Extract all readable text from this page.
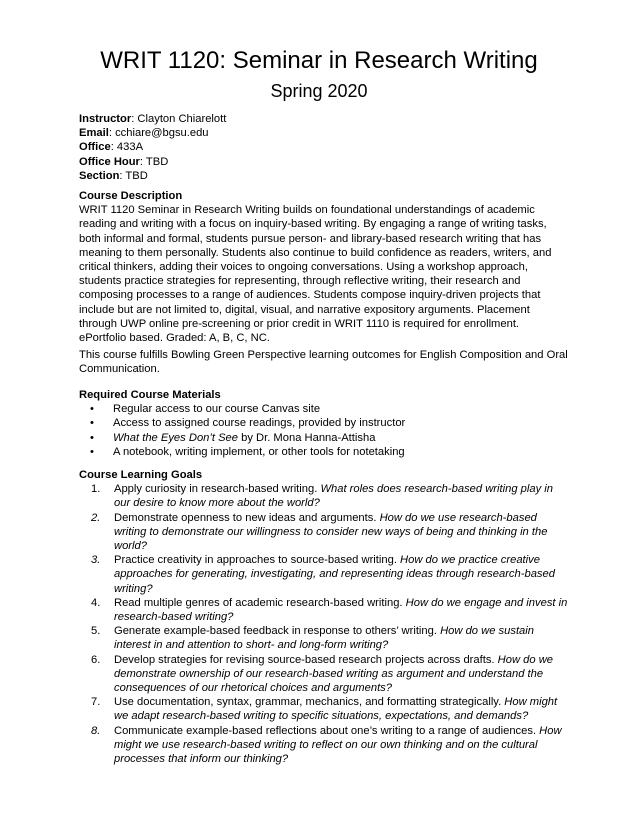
WRIT 1120: Seminar in Research Writing
Spring 2020
Instructor: Clayton Chiarelott
Email: cchiare@bgsu.edu
Office: 433A
Office Hour: TBD
Section: TBD
Course Description

WRIT 1120 Seminar in Research Writing builds on foundational understandings of academic reading and writing with a focus on inquiry-based writing. By engaging a range of writing tasks, both informal and formal, students pursue person- and library-based research writing that has meaning to them personally. Students also continue to build confidence as readers, writers, and critical thinkers, adding their voices to ongoing conversations. Using a workshop approach, students practice strategies for representing, through reflective writing, their research and composing processes to a range of audiences. Students compose inquiry-driven projects that include but are not limited to, digital, visual, and narrative expository arguments. Placement through UWP online pre-screening or prior credit in WRIT 1110 is required for enrollment. ePortfolio based. Graded: A, B, C, NC.

This course fulfills Bowling Green Perspective learning outcomes for English Composition and Oral Communication.

Required Course Materials
• Regular access to our course Canvas site
• Access to assigned course readings, provided by instructor
• What the Eyes Don’t See by Dr. Mona Hanna-Attisha
• A notebook, writing implement, or other tools for notetaking
Course Learning Goals
1. Apply curiosity in research-based writing. What roles does research-based writing play in our desire to know more about the world?
2. Demonstrate openness to new ideas and arguments. How do we use research-based writing to demonstrate our willingness to consider new ways of being and thinking in the world?
3. Practice creativity in approaches to source-based writing. How do we practice creative approaches for generating, investigating, and representing ideas through research-based writing?
4. Read multiple genres of academic research-based writing. How do we engage and invest in research-based writing?
5. Generate example-based feedback in response to others’ writing. How do we sustain interest in and attention to short- and long-form writing?
6. Develop strategies for revising source-based research projects across drafts. How do we demonstrate ownership of our research-based writing as argument and understand the consequences of our rhetorical choices and arguments?
7. Use documentation, syntax, grammar, mechanics, and formatting strategically. How might we adapt research-based writing to specific situations, expectations, and demands?
8. Communicate example-based reflections about one’s writing to a range of audiences. How might we use research-based writing to reflect on our own thinking and on the cultural processes that inform our thinking?
